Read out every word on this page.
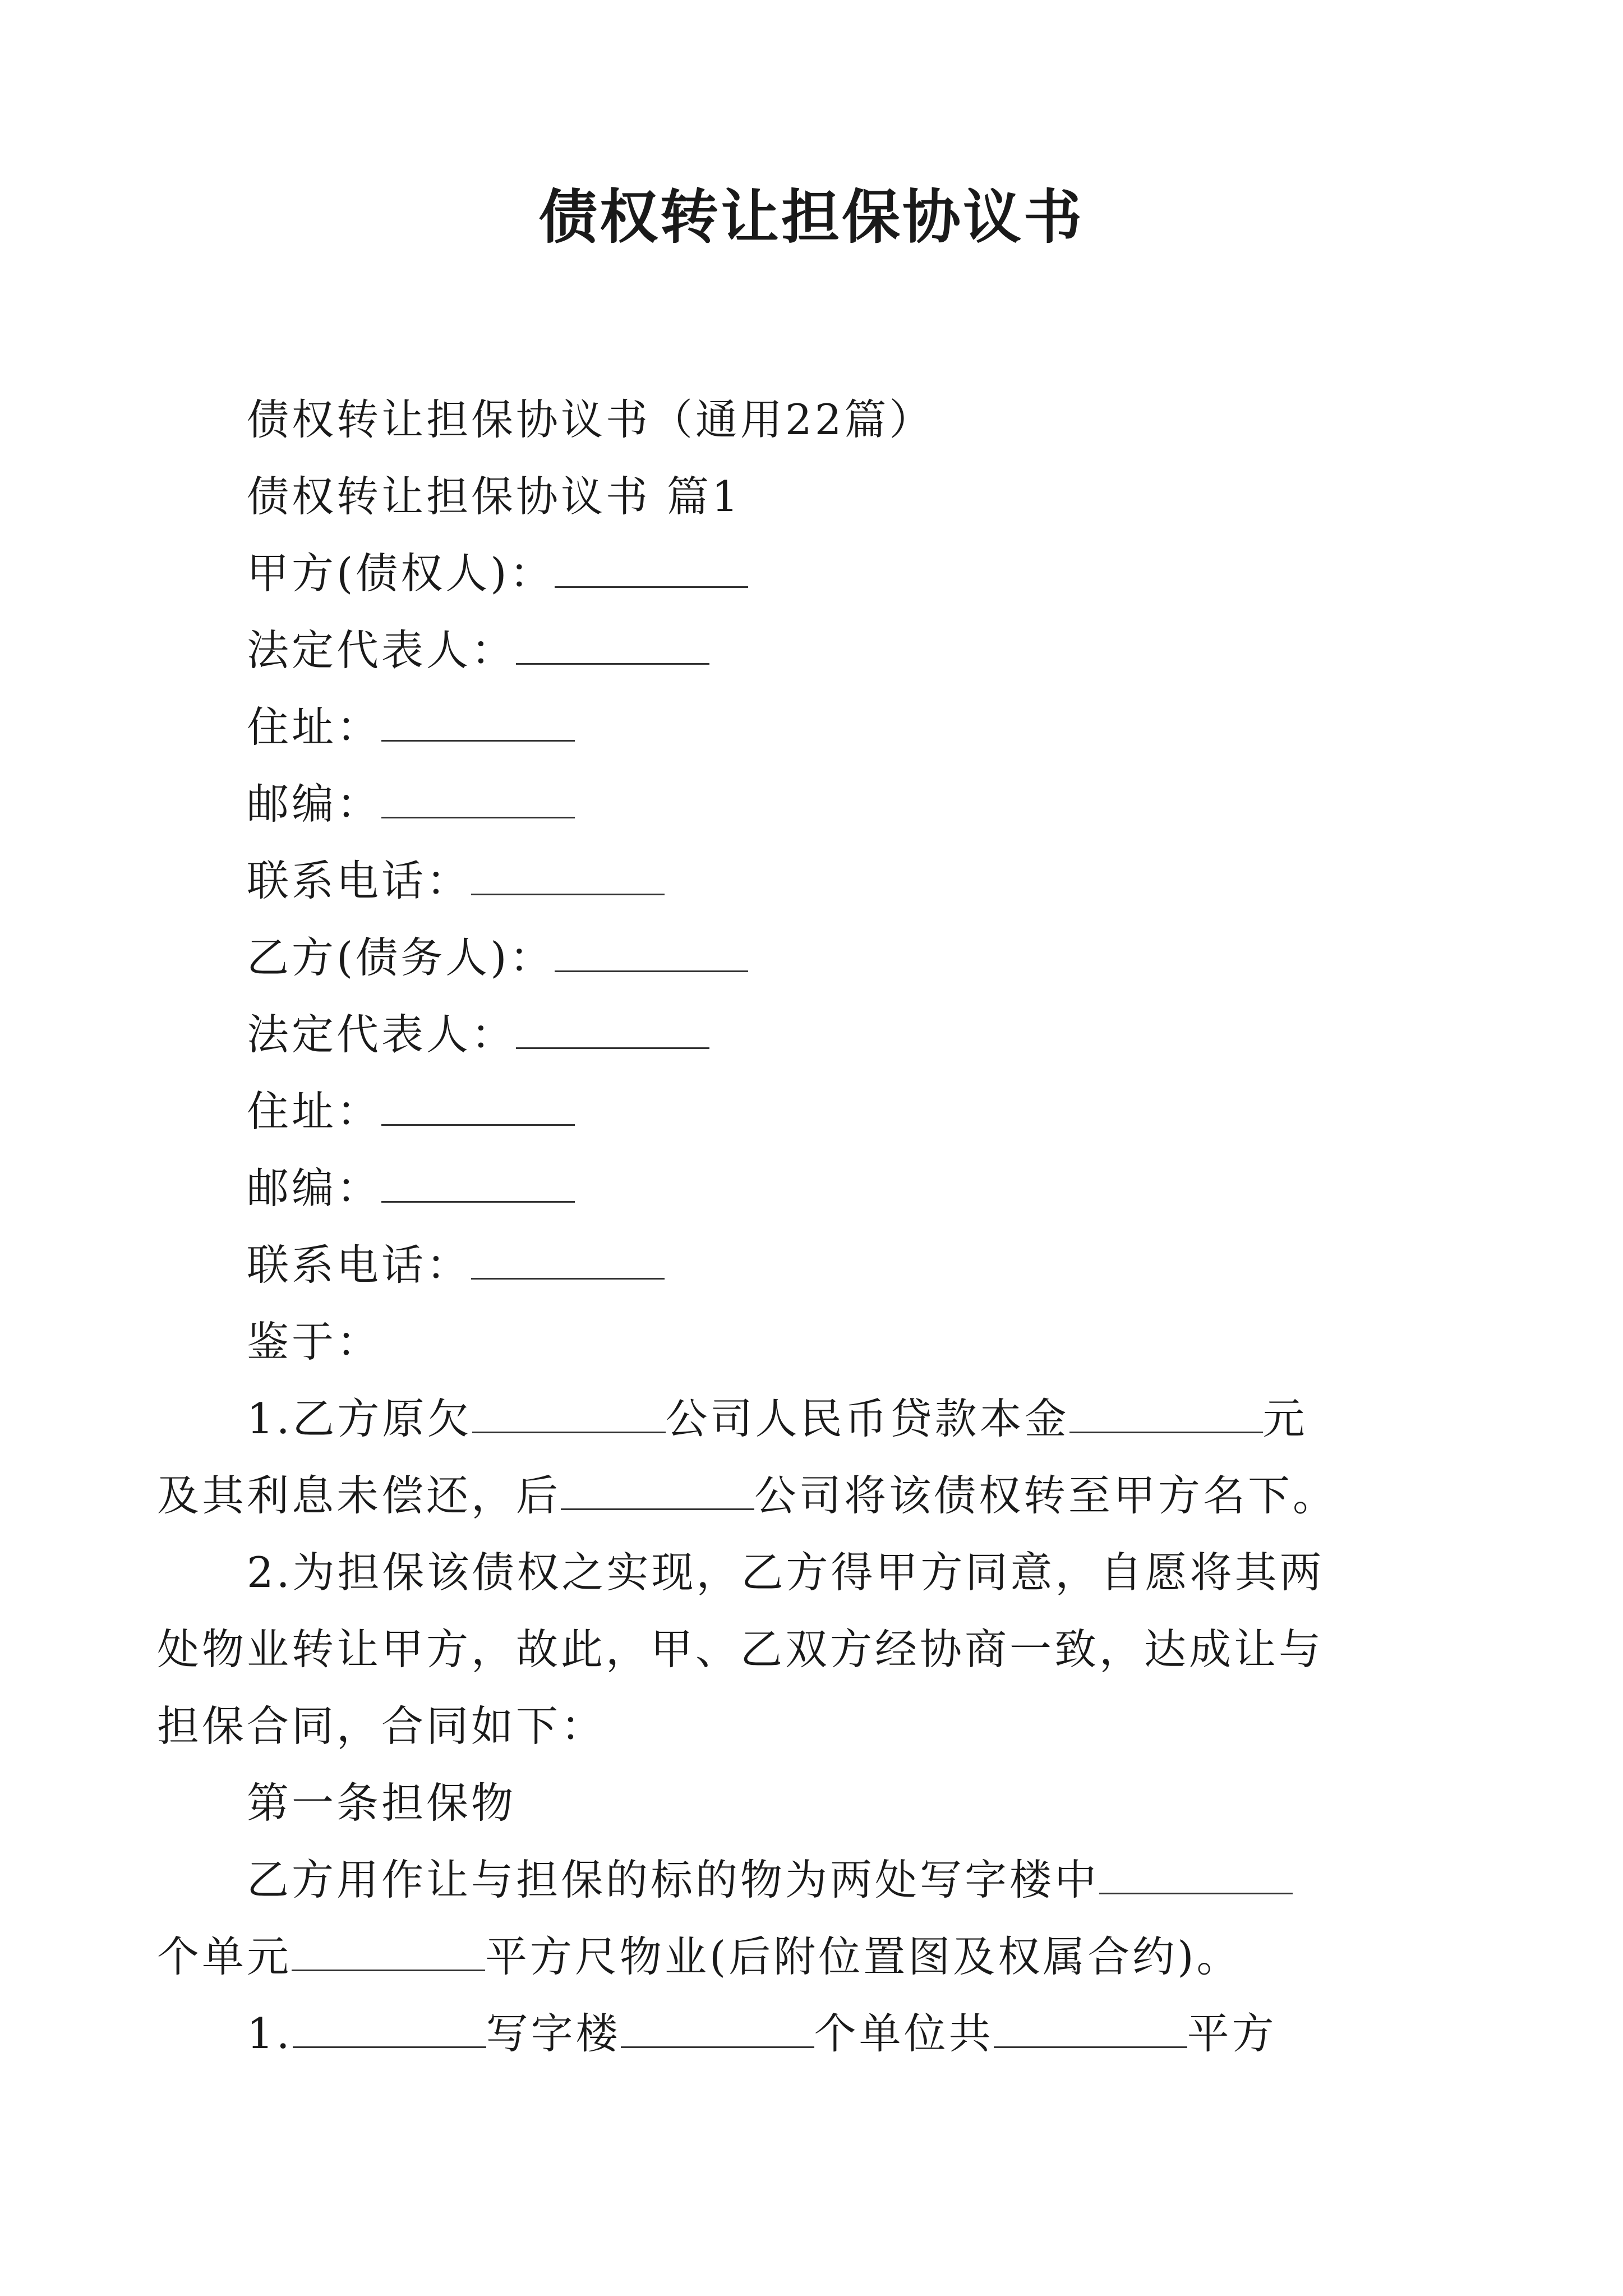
债权转让担保协议书
债权转让担保协议书（通用22篇）
债权转让担保协议书 篇1
甲方(债权人)：
法定代表人：
住址：
邮编：
联系电话：
乙方(债务人)：
法定代表人：
住址：
邮编：
联系电话：
鉴于：
1.乙方原欠	公司人民币贷款本金	元
及其利息未偿还，后	公司将该债权转至甲方名下。
2.为担保该债权之实现，乙方得甲方同意，自愿将其两
处物业转让甲方，故此，甲、乙双方经协商一致，达成让与
担保合同，合同如下：
第一条担保物
乙方用作让与担保的标的物为两处写字楼中
个单元	平方尺物业(后附位置图及权属合约)。
1.	写字楼	个单位共	平方
